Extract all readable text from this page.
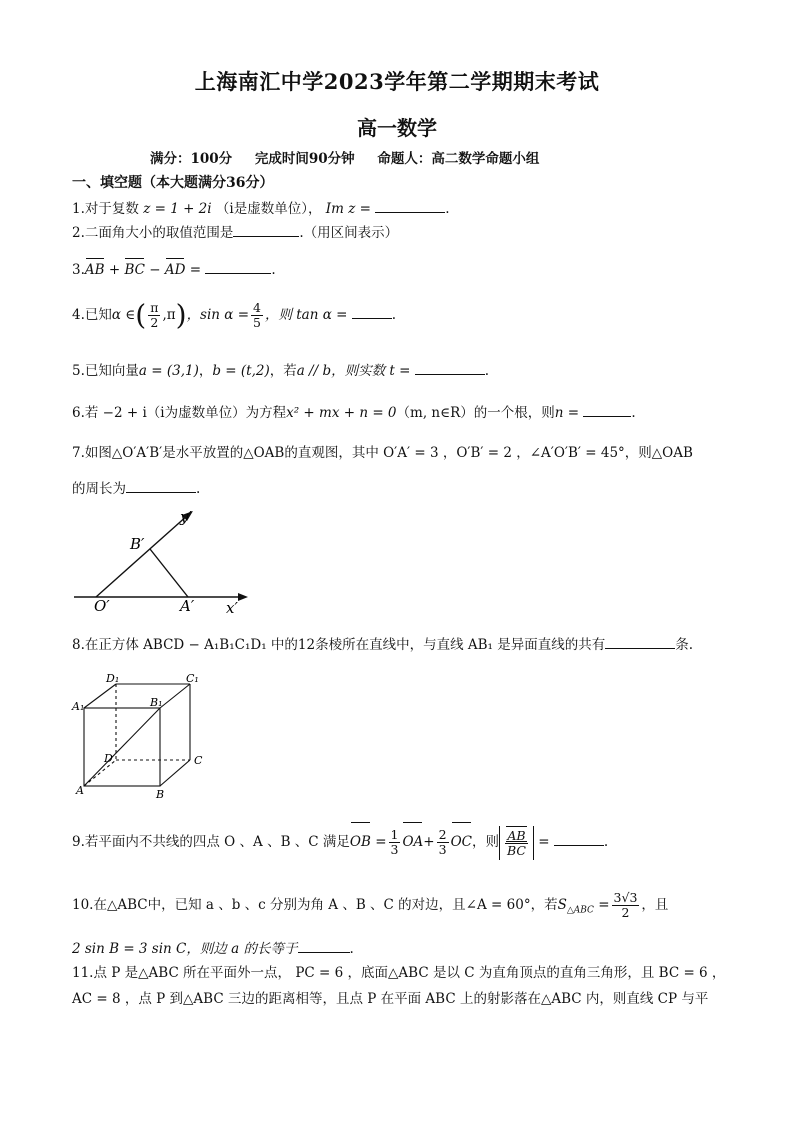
上海南汇中学2023学年第二学期期末考试
高一数学
满分：100分 完成时间90分钟 命题人：高二数学命题小组
一、填空题（本大题满分36分）
1.对于复数 z = 1 + 2i （i是虚数单位）， Im z =	.
2.二面角大小的取值范围是	.（用区间表示）
3.AB + BC − AD =	.
4.已知α ∈( $\frac{\pi}{2} ,\pi$)，$\sin \alpha = \frac{4}{5}$ ，则 tan α =	.
5.已知向量a = (3,1)，b = (t,2)，若a // b，则实数 t =	.
6.若 −2 + i（i为虚数单位）为方程x² + mx + n = 0（m, n∈R）的一个根，则n =	.
7.如图△O′A′B′是水平放置的△OAB的直观图，其中 O′A′ = 3 ，O′B′ = 2 ，∠A′O′B′ = 45°，则△OAB
的周长为	.
y′
x′
O′	A′
B′
8.在正方体 ABCD − A₁B₁C₁D₁ 中的12条棱所在直线中，与直线 AB₁ 是异面直线的共有	条.
D₁	C₁
A₁	B₁
D	C
A	B
9.若平面内不共线的四点 O 、A 、B 、C 满足OB = $\frac{1}{3} OA+ \frac{2}{3}$ OC，则 $\frac{AB}{BC}$ =	.
10.在△ABC中，已知 a 、b 、c 分别为角 A 、B 、C 的对边，且∠A = 60°，若$S_{\triangle ABC} = \frac{3√3}{2}$ ，且
2 sin B = 3 sin C，则边 a 的长等于	.
11.点 P 是△ABC 所在平面外一点， PC = 6 ，底面△ABC 是以 C 为直角顶点的直角三角形，且 BC = 6 ，
AC = 8 ，点 P 到△ABC 三边的距离相等，且点 P 在平面 ABC 上的射影落在△ABC 内，则直线 CP 与平
